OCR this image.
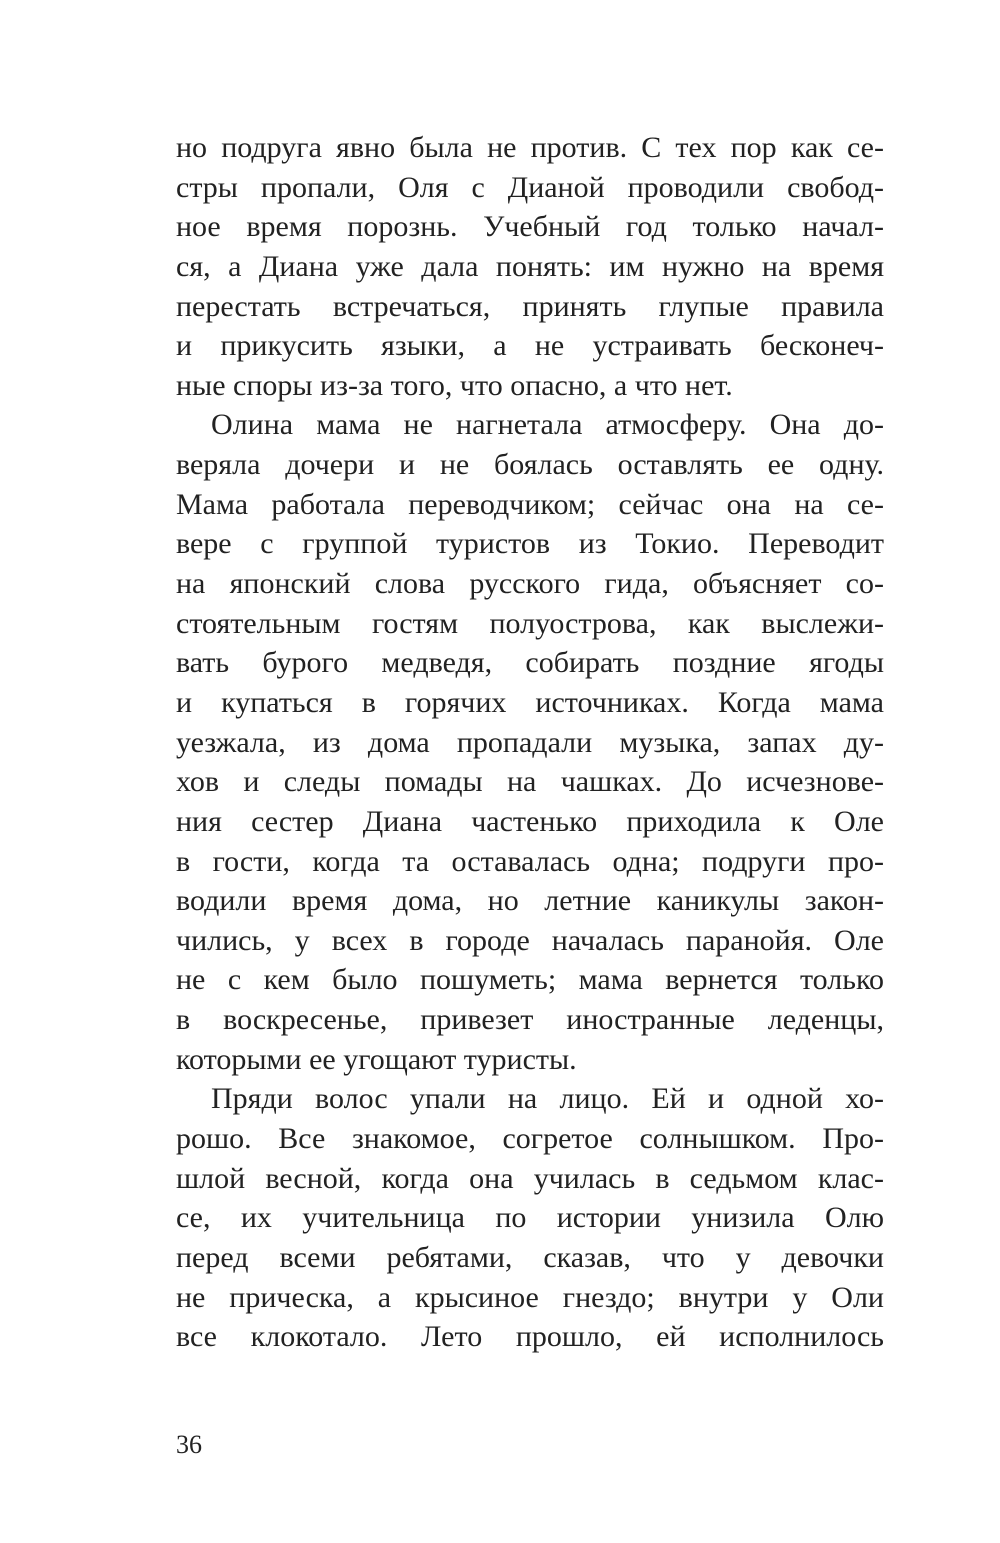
но подруга явно была не против. С тех пор как се-
стры пропали, Оля с Дианой проводили свобод-
ное время порознь. Учебный год только начал-
ся, а Диана уже дала понять: им нужно на время
перестать встречаться, принять глупые правила
и прикусить языки, а не устраивать бесконеч-
ные споры из-за того, что опасно, а что нет.
Олина мама не нагнетала атмосферу. Она до-
веряла дочери и не боялась оставлять ее одну.
Мама работала переводчиком; сейчас она на се-
вере с группой туристов из Токио. Переводит
на японский слова русского гида, объясняет со-
стоятельным гостям полуострова, как выслежи-
вать бурого медведя, собирать поздние ягоды
и купаться в горячих источниках. Когда мама
уезжала, из дома пропадали музыка, запах ду-
хов и следы помады на чашках. До исчезнове-
ния сестер Диана частенько приходила к Оле
в гости, когда та оставалась одна; подруги про-
водили время дома, но летние каникулы закон-
чились, у всех в городе началась паранойя. Оле
не с кем было пошуметь; мама вернется только
в воскресенье, привезет иностранные леденцы,
которыми ее угощают туристы.
Пряди волос упали на лицо. Ей и одной хо-
рошо. Все знакомое, согретое солнышком. Про-
шлой весной, когда она училась в седьмом клас-
се, их учительница по истории унизила Олю
перед всеми ребятами, сказав, что у девочки
не прическа, а крысиное гнездо; внутри у Оли
все клокотало. Лето прошло, ей исполнилось
36
